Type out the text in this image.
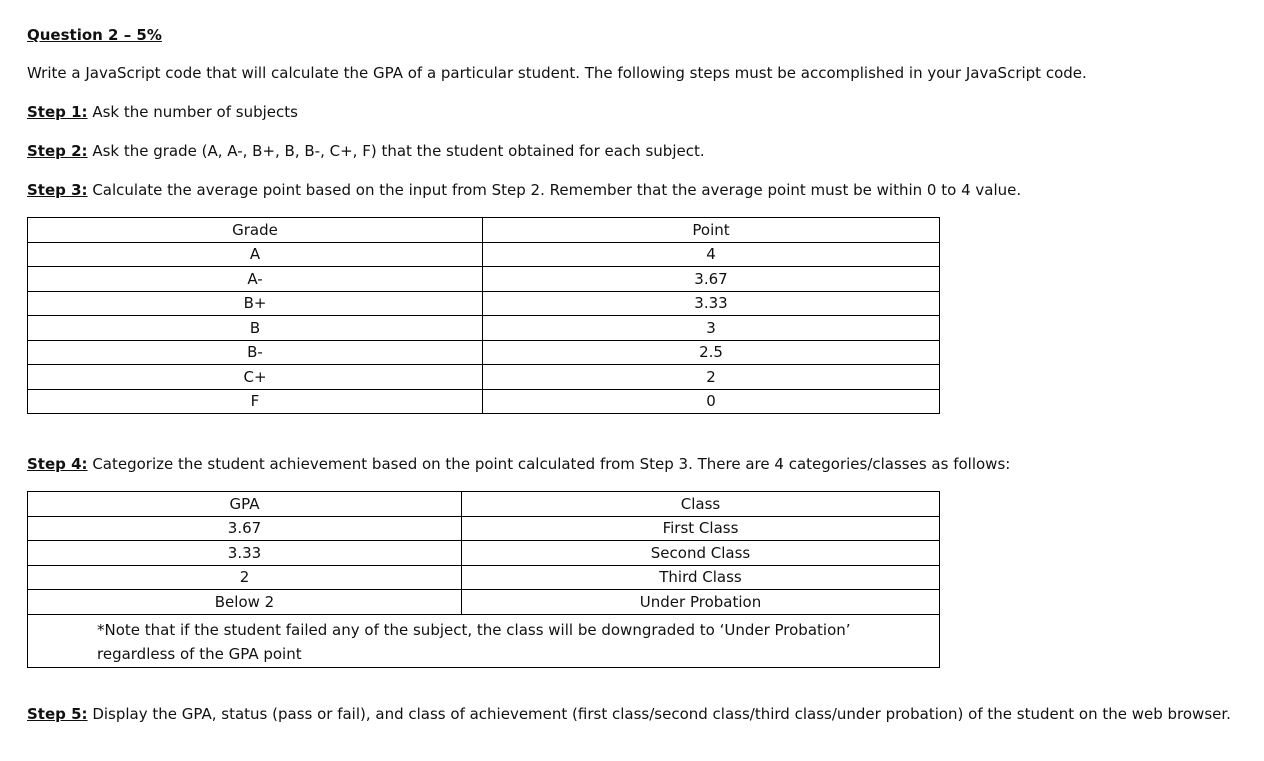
Question 2 – 5%
Write a JavaScript code that will calculate the GPA of a particular student. The following steps must be accomplished in your JavaScript code.
Step 1: Ask the number of subjects
Step 2: Ask the grade (A, A-, B+, B, B-, C+, F) that the student obtained for each subject.
Step 3: Calculate the average point based on the input from Step 2. Remember that the average point must be within 0 to 4 value.
Grade	Point
A	4
A-	3.67
B+	3.33
B	3
B-	2.5
C+	2
F	0
Step 4: Categorize the student achievement based on the point calculated from Step 3. There are 4 categories/classes as follows:
GPA	Class
3.67	First Class
3.33	Second Class
2	Third Class
Below 2	Under Probation
*Note that if the student failed any of the subject, the class will be downgraded to ‘Under Probation’ regardless of the GPA point	
Step 5: Display the GPA, status (pass or fail), and class of achievement (first class/second class/third class/under probation) of the student on the web browser.
